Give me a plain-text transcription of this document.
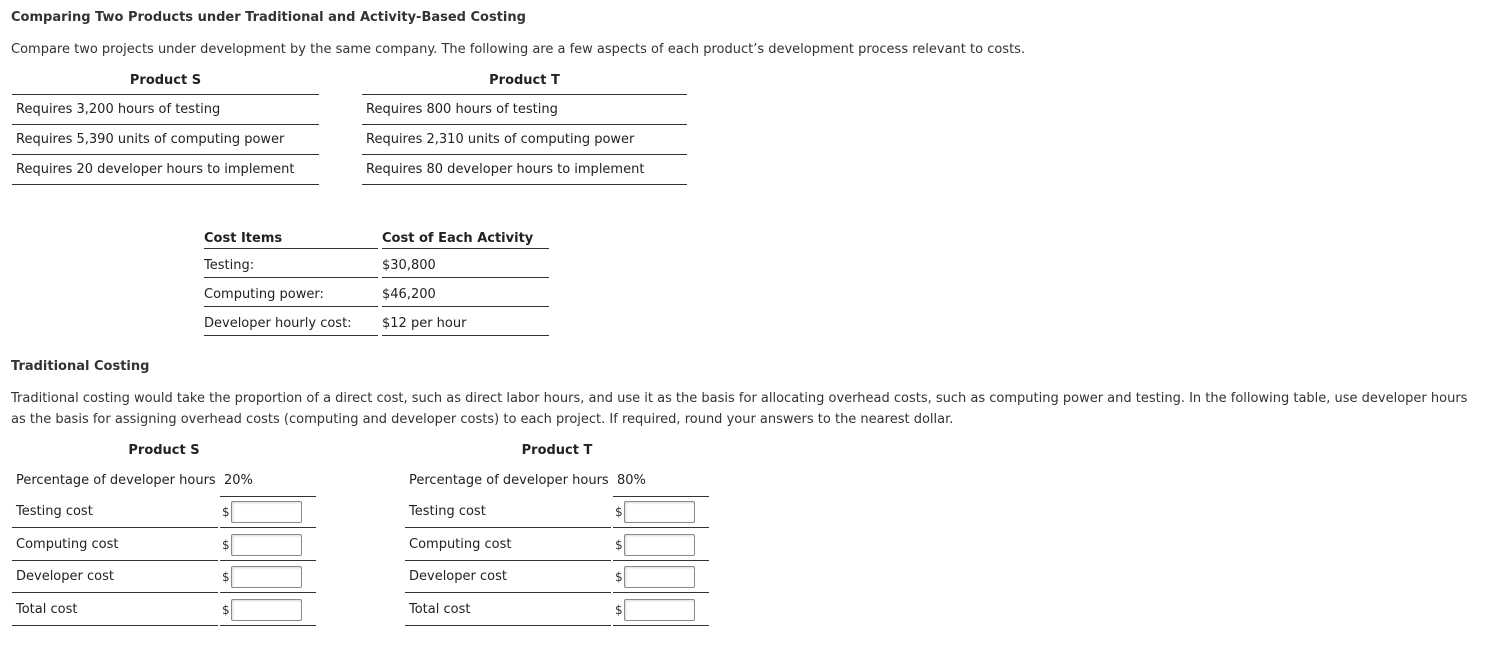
Comparing Two Products under Traditional and Activity-Based Costing
Compare two projects under development by the same company. The following are a few aspects of each product’s development process relevant to costs.
Product S
Requires 3,200 hours of testing
Requires 5,390 units of computing power
Requires 20 developer hours to implement
Product T
Requires 800 hours of testing
Requires 2,310 units of computing power
Requires 80 developer hours to implement
Cost Items		Cost of Each Activity
Testing:		$30,800
Computing power:		$46,200
Developer hourly cost:		$12 per hour
Traditional Costing
Traditional costing would take the proportion of a direct cost, such as direct labor hours, and use it as the basis for allocating overhead costs, such as computing power and testing. In the following table, use developer hours as the basis for assigning overhead costs (computing and developer costs) to each project. If required, round your answers to the nearest dollar.
Product S
Percentage of developer hours 20%
Testing cost	$
Computing cost	$
Developer cost	$
Total cost	$
Product T
Percentage of developer hours 80%
Testing cost	$
Computing cost	$
Developer cost	$
Total cost	$
